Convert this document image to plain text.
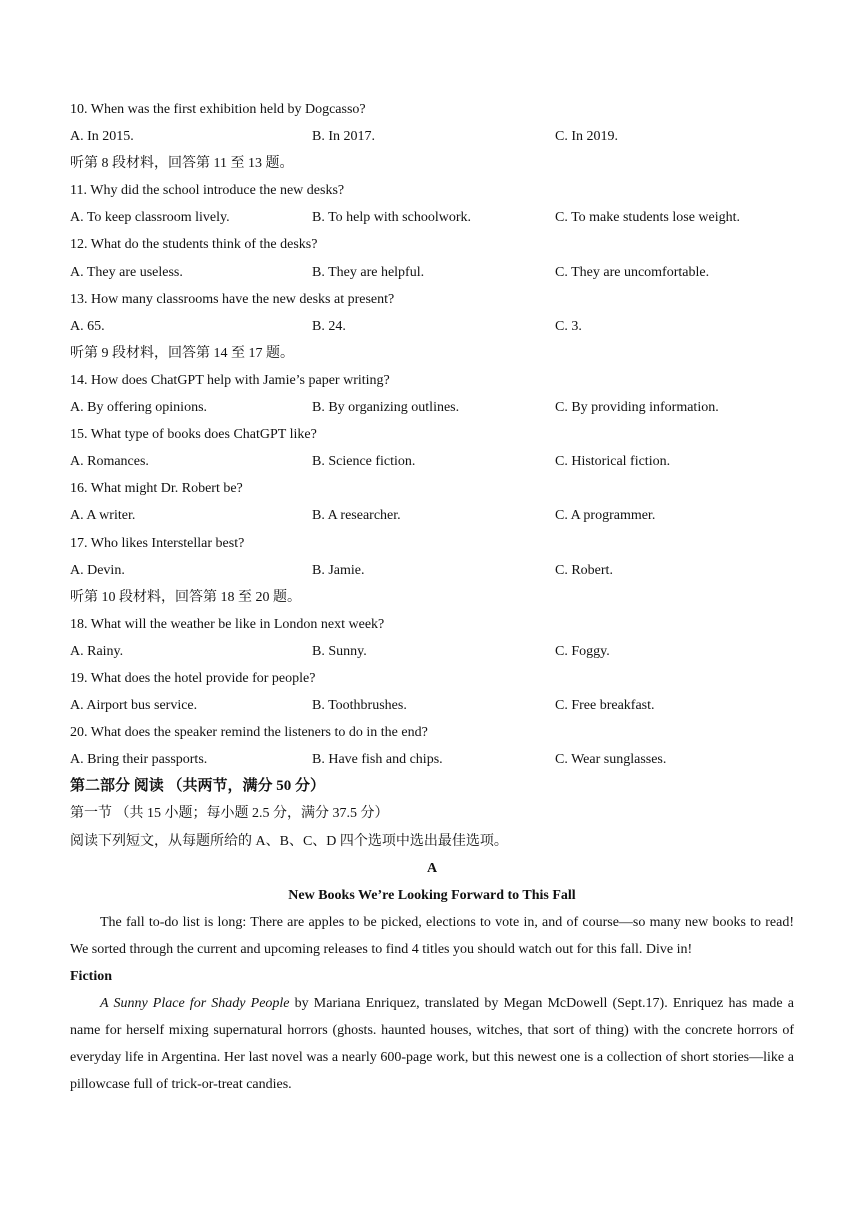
10. When was the first exhibition held by Dogcasso?
A. In 2015.	B. In 2017.	C. In 2019.
听第 8 段材料，回答第 11 至 13 题。
11. Why did the school introduce the new desks?
A. To keep classroom lively.	B. To help with schoolwork.	C. To make students lose weight.
12. What do the students think of the desks?
A. They are useless.	B. They are helpful.	C. They are uncomfortable.
13. How many classrooms have the new desks at present?
A. 65.	B. 24.	C. 3.
听第 9 段材料，回答第 14 至 17 题。
14. How does ChatGPT help with Jamie’s paper writing?
A. By offering opinions.	B. By organizing outlines.	C. By providing information.
15. What type of books does ChatGPT like?
A. Romances.	B. Science fiction.	C. Historical fiction.
16. What might Dr. Robert be?
A. A writer.	B. A researcher.	C. A programmer.
17. Who likes Interstellar best?
A. Devin.	B. Jamie.	C. Robert.
听第 10 段材料，回答第 18 至 20 题。
18. What will the weather be like in London next week?
A. Rainy.	B. Sunny.	C. Foggy.
19. What does the hotel provide for people?
A. Airport bus service.	B. Toothbrushes.	C. Free breakfast.
20. What does the speaker remind the listeners to do in the end?
A. Bring their passports.	B. Have fish and chips.	C. Wear sunglasses.
第二部分 阅读 （共两节，满分 50 分）
第一节 （共 15 小题；每小题 2.5 分，满分 37.5 分）
阅读下列短文，从每题所给的 A、B、C、D 四个选项中选出最佳选项。
A
New Books We’re Looking Forward to This Fall

The fall to-do list is long: There are apples to be picked, elections to vote in, and of course—so many new books to read! We sorted through the current and upcoming releases to find 4 titles you should watch out for this fall. Dive in!

Fiction

A Sunny Place for Shady People by Mariana Enriquez, translated by Megan McDowell (Sept.17). Enriquez has made a name for herself mixing supernatural horrors (ghosts. haunted houses, witches, that sort of thing) with the concrete horrors of everyday life in Argentina. Her last novel was a nearly 600-page work, but this newest one is a collection of short stories—like a pillowcase full of trick-or-treat candies.
